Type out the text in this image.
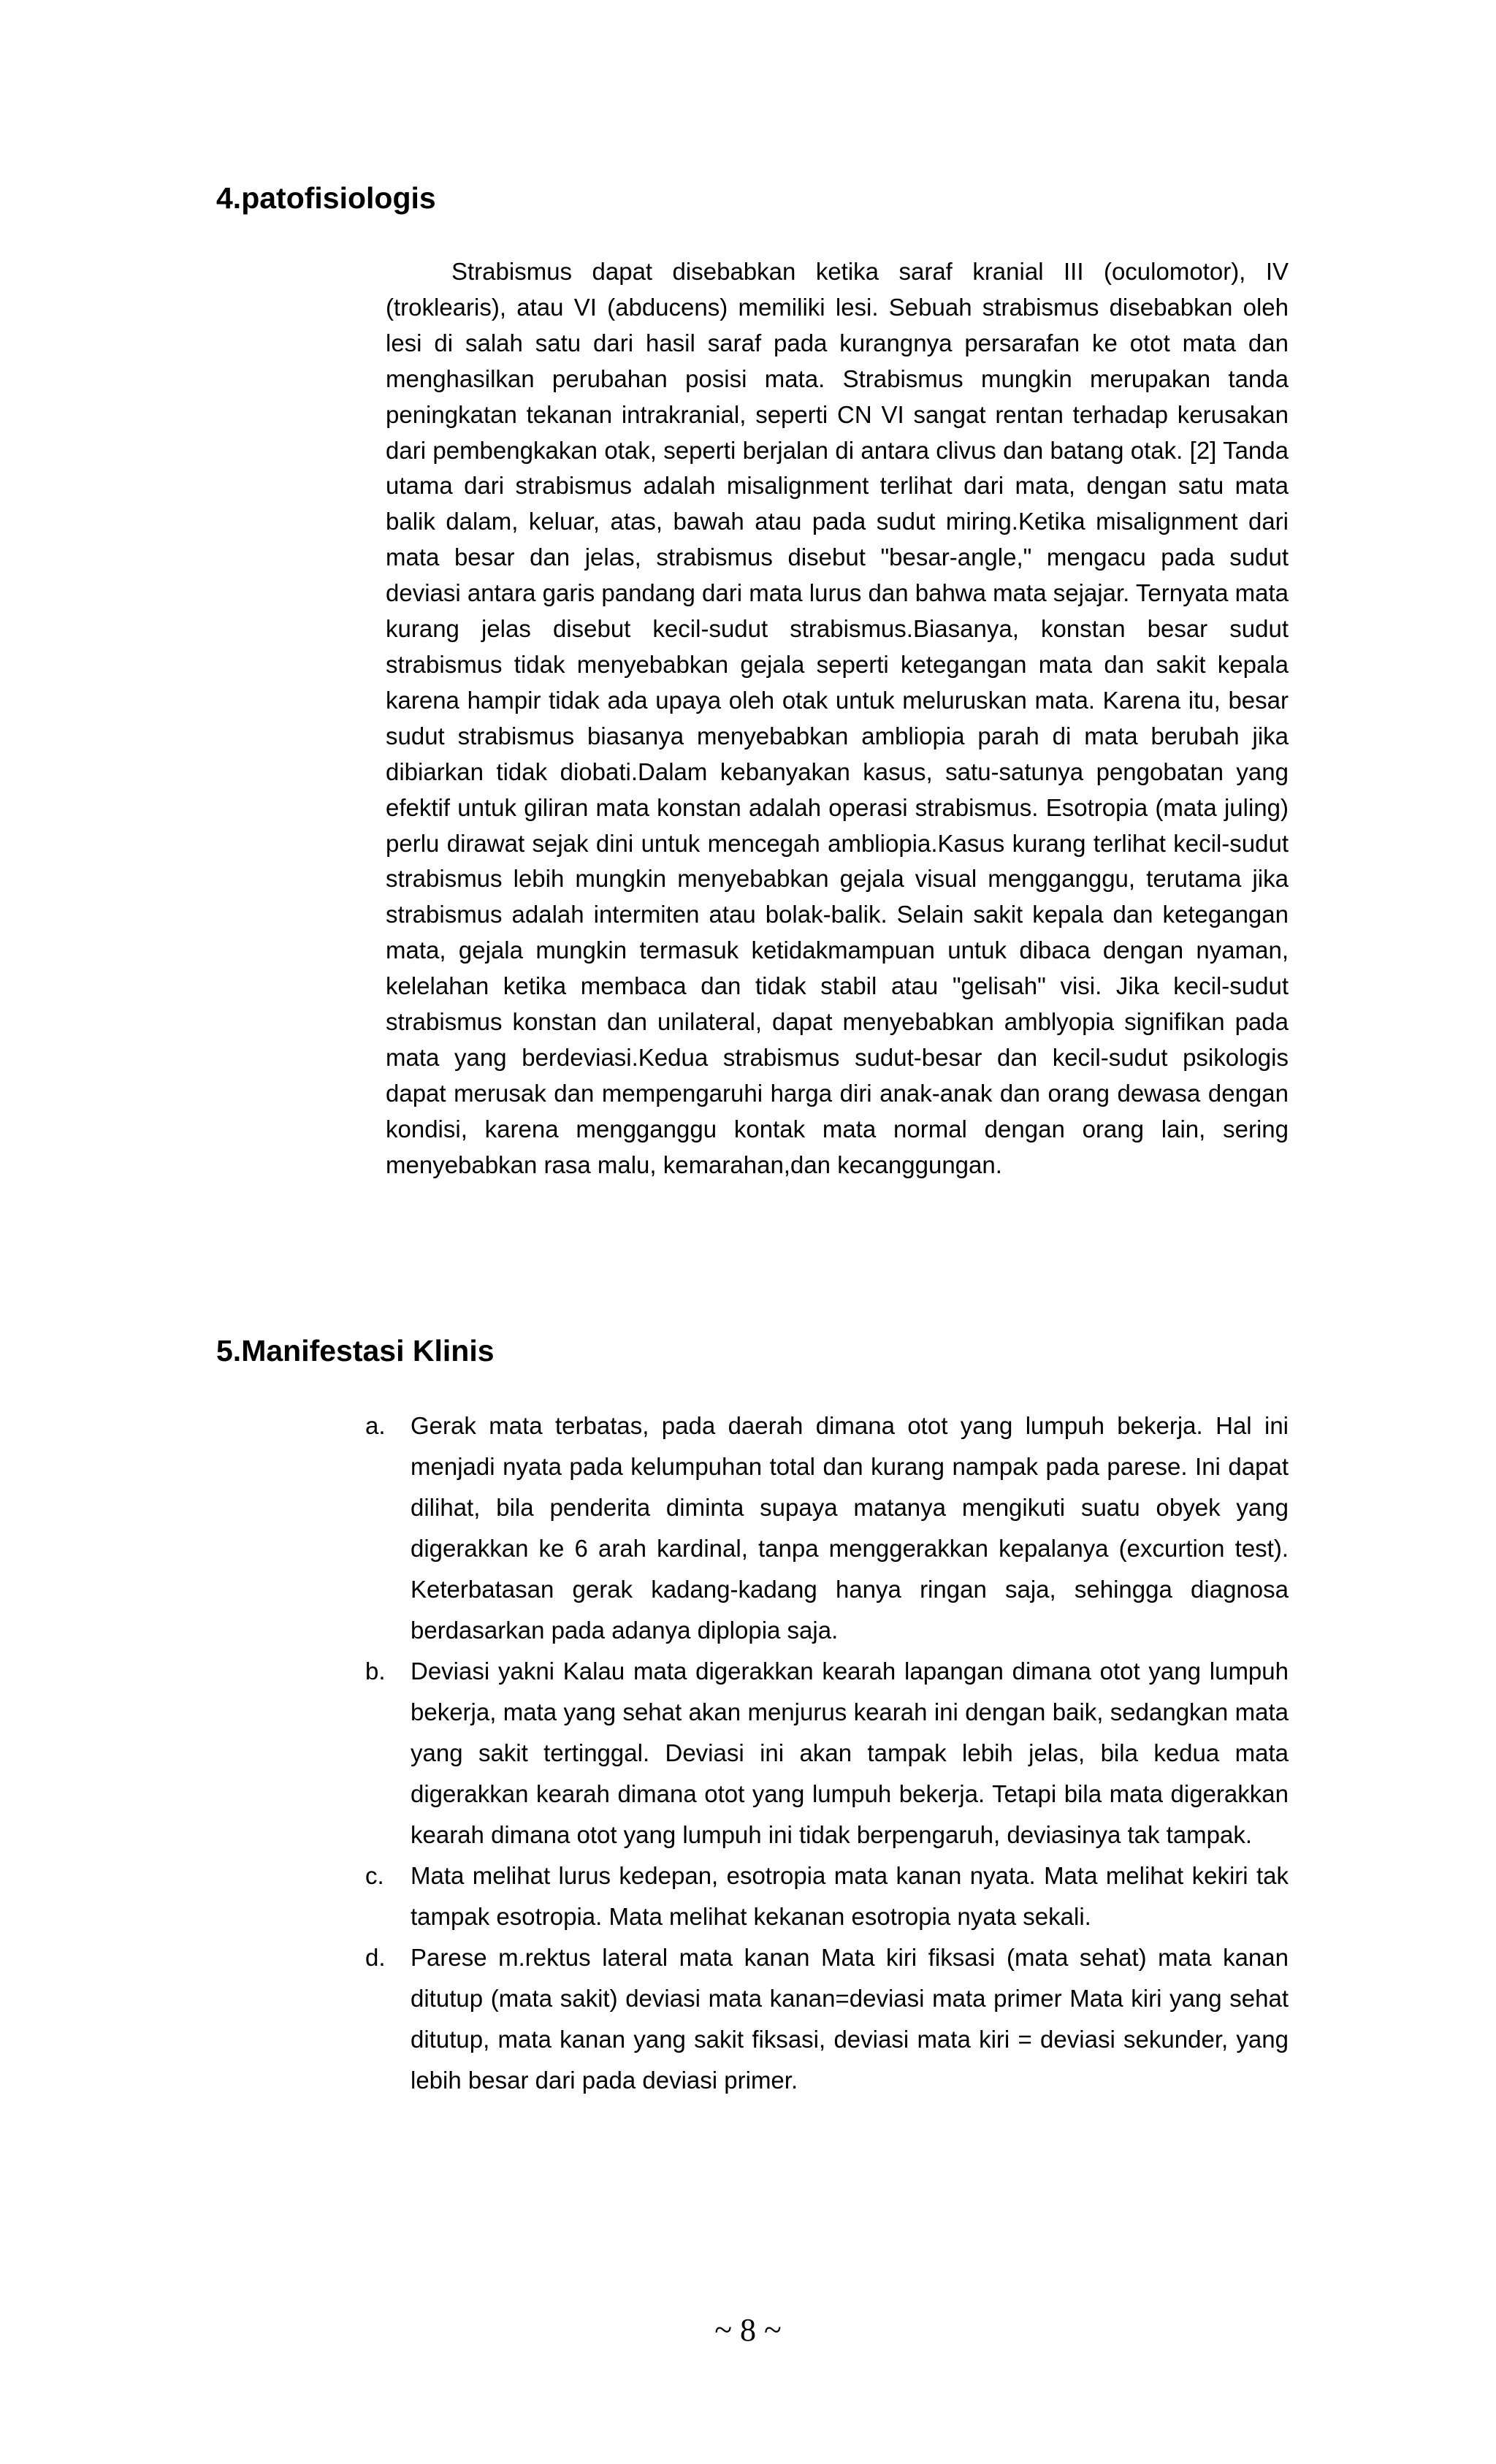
4.patofisiologis

Strabismus dapat disebabkan ketika saraf kranial III (oculomotor), IV (troklearis), atau VI (abducens) memiliki lesi. Sebuah strabismus disebabkan oleh lesi di salah satu dari hasil saraf pada kurangnya persarafan ke otot mata dan menghasilkan perubahan posisi mata. Strabismus mungkin merupakan tanda peningkatan tekanan intrakranial, seperti CN VI sangat rentan terhadap kerusakan dari pembengkakan otak, seperti berjalan di antara clivus dan batang otak. [2] Tanda utama dari strabismus adalah misalignment terlihat dari mata, dengan satu mata balik dalam, keluar, atas, bawah atau pada sudut miring.Ketika misalignment dari mata besar dan jelas, strabismus disebut "besar-angle," mengacu pada sudut deviasi antara garis pandang dari mata lurus dan bahwa mata sejajar. Ternyata mata kurang jelas disebut kecil-sudut strabismus.Biasanya, konstan besar sudut strabismus tidak menyebabkan gejala seperti ketegangan mata dan sakit kepala karena hampir tidak ada upaya oleh otak untuk meluruskan mata. Karena itu, besar sudut strabismus biasanya menyebabkan ambliopia parah di mata berubah jika dibiarkan tidak diobati.Dalam kebanyakan kasus, satu-satunya pengobatan yang efektif untuk giliran mata konstan adalah operasi strabismus. Esotropia (mata juling) perlu dirawat sejak dini untuk mencegah ambliopia.Kasus kurang terlihat kecil-sudut strabismus lebih mungkin menyebabkan gejala visual mengganggu, terutama jika strabismus adalah intermiten atau bolak-balik. Selain sakit kepala dan ketegangan mata, gejala mungkin termasuk ketidakmampuan untuk dibaca dengan nyaman, kelelahan ketika membaca dan tidak stabil atau "gelisah" visi. Jika kecil-sudut strabismus konstan dan unilateral, dapat menyebabkan amblyopia signifikan pada mata yang berdeviasi.Kedua strabismus sudut-besar dan kecil-sudut psikologis dapat merusak dan mempengaruhi harga diri anak-anak dan orang dewasa dengan kondisi, karena mengganggu kontak mata normal dengan orang lain, sering menyebabkan rasa malu, kemarahan,dan kecanggungan.

5.Manifestasi Klinis
a.	Gerak mata terbatas, pada daerah dimana otot yang lumpuh bekerja. Hal ini menjadi nyata pada kelumpuhan total dan kurang nampak pada parese. Ini dapat dilihat, bila penderita diminta supaya matanya mengikuti suatu obyek yang digerakkan ke 6 arah kardinal, tanpa menggerakkan kepalanya (excurtion test). Keterbatasan gerak kadang-kadang hanya ringan saja, sehingga diagnosa berdasarkan pada adanya diplopia saja.
b.	Deviasi yakni Kalau mata digerakkan kearah lapangan dimana otot yang lumpuh bekerja, mata yang sehat akan menjurus kearah ini dengan baik, sedangkan mata yang sakit tertinggal. Deviasi ini akan tampak lebih jelas, bila kedua mata digerakkan kearah dimana otot yang lumpuh bekerja. Tetapi bila mata digerakkan kearah dimana otot yang lumpuh ini tidak berpengaruh, deviasinya tak tampak.
c.	Mata melihat lurus kedepan, esotropia mata kanan nyata. Mata melihat kekiri tak tampak esotropia. Mata melihat kekanan esotropia nyata sekali.
d.	Parese m.rektus lateral mata kanan Mata kiri fiksasi (mata sehat) mata kanan ditutup (mata sakit) deviasi mata kanan=deviasi mata primer Mata kiri yang sehat ditutup, mata kanan yang sakit fiksasi, deviasi mata kiri = deviasi sekunder, yang lebih besar dari pada deviasi primer.
~ 8 ~
